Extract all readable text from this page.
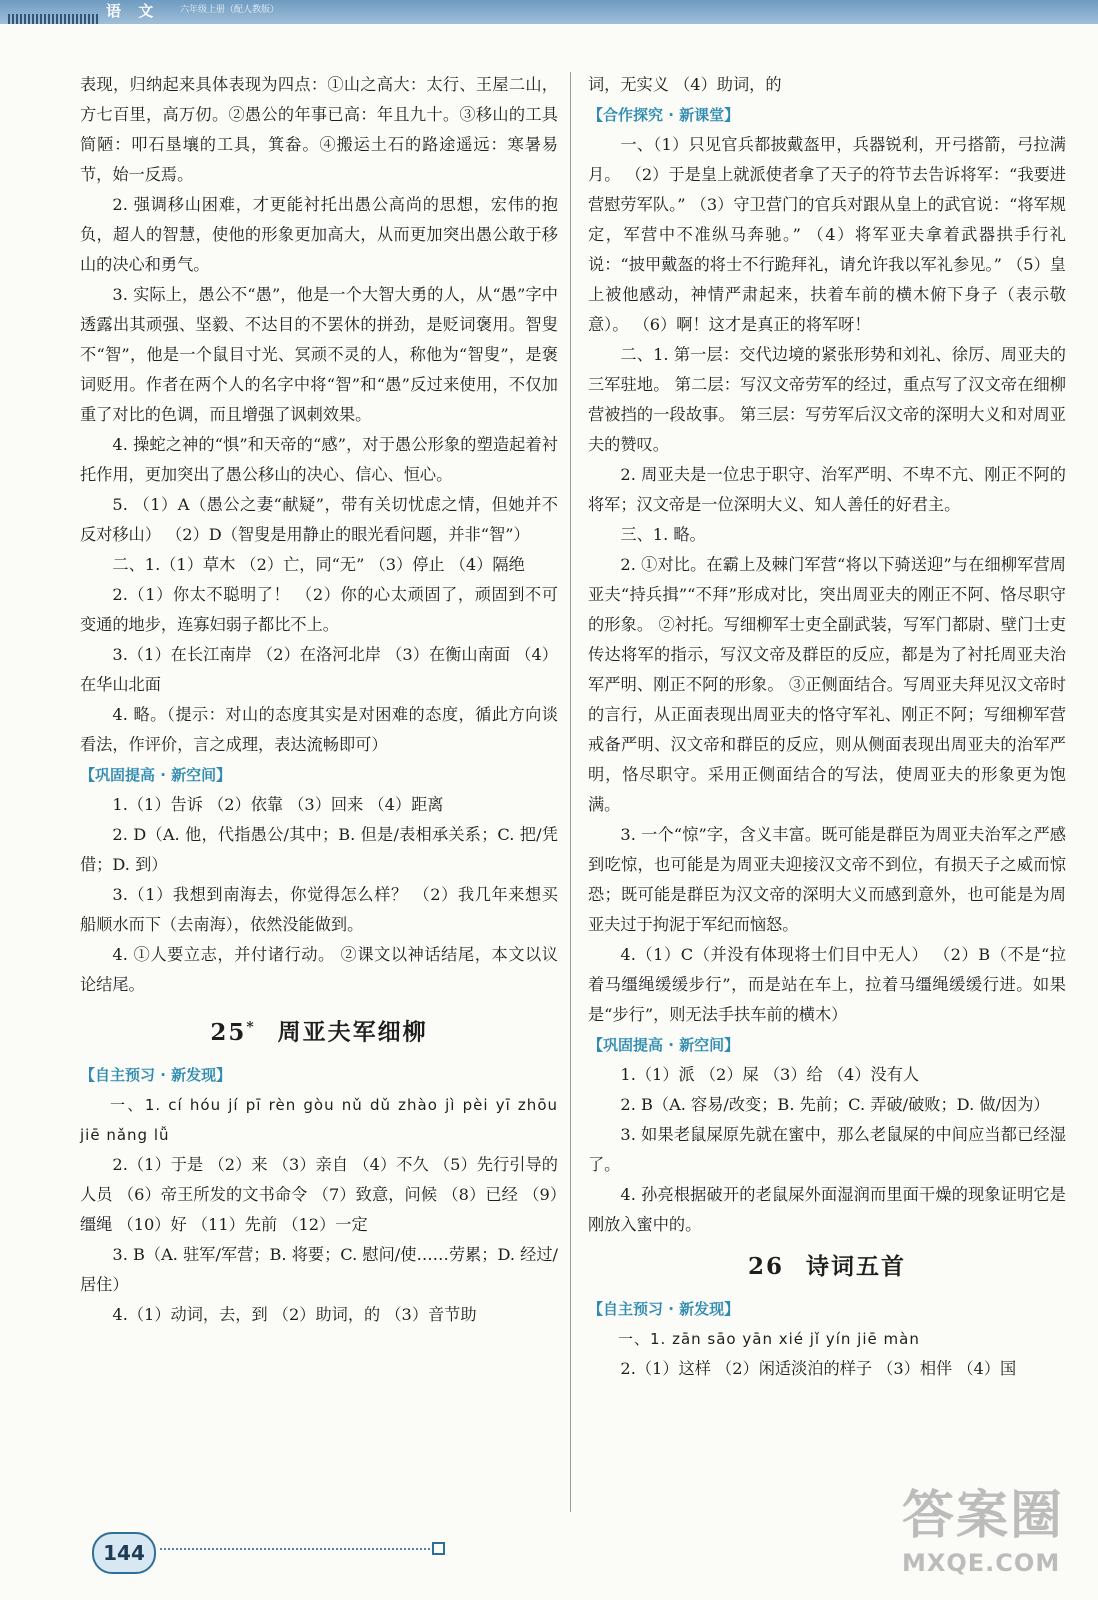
语 文 六年级上册（配人教版）

表现，归纳起来具体表现为四点：①山之高大：太行、王屋二山，方七百里，高万仞。②愚公的年事已高：年且九十。③移山的工具简陋：叩石垦壤的工具，箕畚。④搬运土石的路途遥远：寒暑易节，始一反焉。

2. 强调移山困难，才更能衬托出愚公高尚的思想，宏伟的抱负，超人的智慧，使他的形象更加高大，从而更加突出愚公敢于移山的决心和勇气。

3. 实际上，愚公不“愚”，他是一个大智大勇的人，从“愚”字中透露出其顽强、坚毅、不达目的不罢休的拼劲，是贬词褒用。智叟不“智”，他是一个鼠目寸光、冥顽不灵的人，称他为“智叟”，是褒词贬用。作者在两个人的名字中将“智”和“愚”反过来使用，不仅加重了对比的色调，而且增强了讽刺效果。

4. 操蛇之神的“惧”和天帝的“感”，对于愚公形象的塑造起着衬托作用，更加突出了愚公移山的决心、信心、恒心。

5. （1）A（愚公之妻“献疑”，带有关切忧虑之情，但她并不反对移山） （2）D（智叟是用静止的眼光看问题，并非“智”）

二、1.（1）草木 （2）亡，同“无” （3）停止 （4）隔绝

2.（1）你太不聪明了！ （2）你的心太顽固了，顽固到不可变通的地步，连寡妇弱子都比不上。

3.（1）在长江南岸 （2）在洛河北岸 （3）在衡山南面 （4）在华山北面

4. 略。（提示：对山的态度其实是对困难的态度，循此方向谈看法，作评价，言之成理，表达流畅即可）

【巩固提高 · 新空间】

1.（1）告诉 （2）依靠 （3）回来 （4）距离

2. D（A. 他，代指愚公/其中；B. 但是/表相承关系；C. 把/凭借；D. 到）

3.（1）我想到南海去，你觉得怎么样？ （2）我几年来想买船顺水而下（去南海），依然没能做到。

4. ①人要立志，并付诸行动。 ②课文以神话结尾，本文以议论结尾。

25* 周亚夫军细柳

【自主预习 · 新发现】

一、1. cí hóu jí pī rèn gòu nǔ dǔ zhào jì pèi yī zhōu jiē nǎng lǚ

2.（1）于是 （2）来 （3）亲自 （4）不久 （5）先行引导的人员 （6）帝王所发的文书命令 （7）致意，问候 （8）已经 （9）缰绳 （10）好 （11）先前 （12）一定

3. B（A. 驻军/军营；B. 将要；C. 慰问/使……劳累；D. 经过/居住）

4.（1）动词，去，到 （2）助词，的 （3）音节助

词，无实义 （4）助词，的

【合作探究 · 新课堂】

一、（1）只见官兵都披戴盔甲，兵器锐利，开弓搭箭，弓拉满月。 （2）于是皇上就派使者拿了天子的符节去告诉将军：“我要进营慰劳军队。” （3）守卫营门的官兵对跟从皇上的武官说：“将军规定，军营中不准纵马奔驰。” （4）将军亚夫拿着武器拱手行礼说：“披甲戴盔的将士不行跪拜礼，请允许我以军礼参见。” （5）皇上被他感动，神情严肃起来，扶着车前的横木俯下身子（表示敬意）。 （6）啊！这才是真正的将军呀！

二、1. 第一层：交代边境的紧张形势和刘礼、徐厉、周亚夫的三军驻地。 第二层：写汉文帝劳军的经过，重点写了汉文帝在细柳营被挡的一段故事。 第三层：写劳军后汉文帝的深明大义和对周亚夫的赞叹。

2. 周亚夫是一位忠于职守、治军严明、不卑不亢、刚正不阿的将军；汉文帝是一位深明大义、知人善任的好君主。

三、1. 略。

2. ①对比。在霸上及棘门军营“将以下骑送迎”与在细柳军营周亚夫“持兵揖”“不拜”形成对比，突出周亚夫的刚正不阿、恪尽职守的形象。 ②衬托。写细柳军士吏全副武装，写军门都尉、壁门士吏传达将军的指示，写汉文帝及群臣的反应，都是为了衬托周亚夫治军严明、刚正不阿的形象。 ③正侧面结合。写周亚夫拜见汉文帝时的言行，从正面表现出周亚夫的恪守军礼、刚正不阿；写细柳军营戒备严明、汉文帝和群臣的反应，则从侧面表现出周亚夫的治军严明，恪尽职守。采用正侧面结合的写法，使周亚夫的形象更为饱满。

3. 一个“惊”字，含义丰富。既可能是群臣为周亚夫治军之严感到吃惊，也可能是为周亚夫迎接汉文帝不到位，有损天子之威而惊恐；既可能是群臣为汉文帝的深明大义而感到意外，也可能是为周亚夫过于拘泥于军纪而恼怒。

4.（1）C（并没有体现将士们目中无人） （2）B（不是“拉着马缰绳缓缓步行”，而是站在车上，拉着马缰绳缓缓行进。如果是“步行”，则无法手扶车前的横木）

【巩固提高 · 新空间】

1.（1）派 （2）屎 （3）给 （4）没有人

2. B（A. 容易/改变；B. 先前；C. 弄破/破败；D. 做/因为）

3. 如果老鼠屎原先就在蜜中，那么老鼠屎的中间应当都已经湿了。

4. 孙亮根据破开的老鼠屎外面湿润而里面干燥的现象证明它是刚放入蜜中的。

26 诗词五首

【自主预习 · 新发现】

一、1. zān sāo yān xié jǐ yín jiē màn

2.（1）这样 （2）闲适淡泊的样子 （3）相伴 （4）国

144
答案圈
MXQE.COM
